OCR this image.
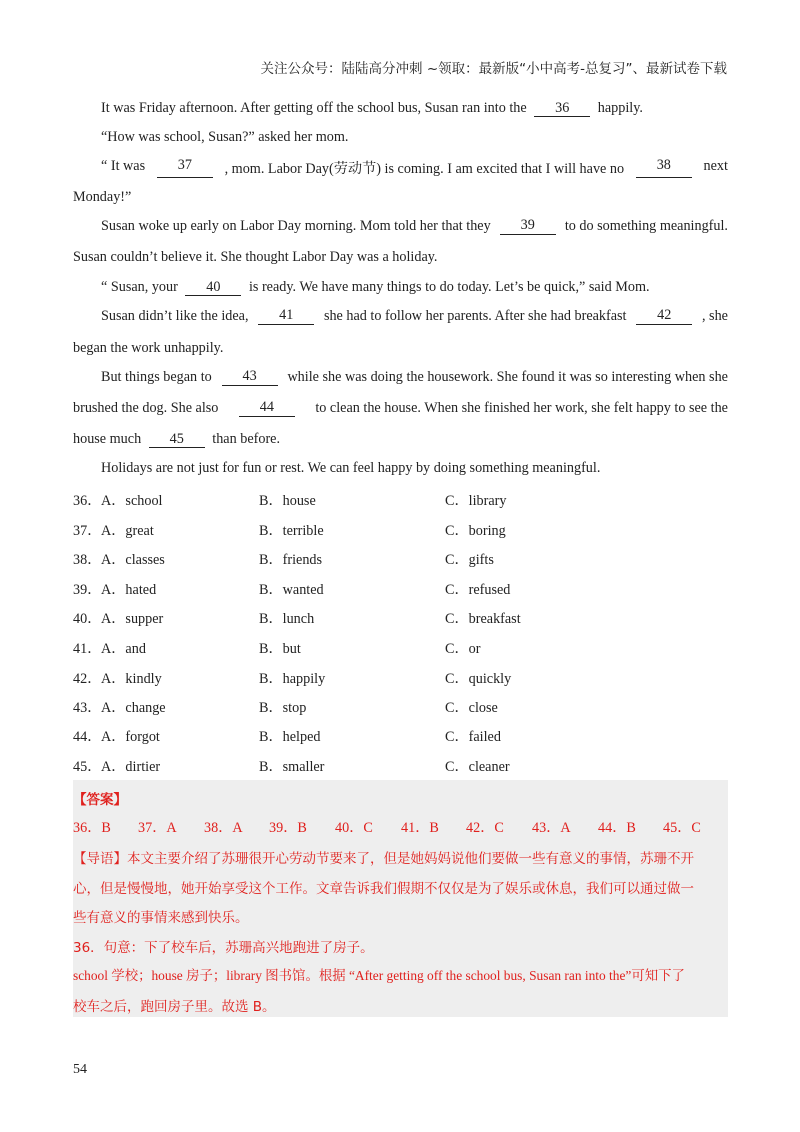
关注公众号：陆陆高分冲刺 ~领取：最新版“小中高考-总复习”、最新试卷下载
It was Friday afternoon. After getting off the school bus, Susan ran into the 36 happily.
“How was school, Susan?” asked her mom.
“ It was	37	, mom. Labor Day(劳动节) is coming. I am excited that I will have no	38	next
Monday!”
Susan woke up early on Labor Day morning. Mom told her that they	39	to do something meaningful.
Susan couldn’t believe it. She thought Labor Day was a holiday.
“ Susan, your 40 is ready. We have many things to do today. Let’s be quick,” said Mom.
Susan didn’t like the idea,	41	she had to follow her parents. After she had breakfast	42	, she
began the work unhappily.
But things began to	43	while she was doing the housework. She found it was so interesting when she
brushed the dog. She also	44	to clean the house. When she finished her work, she felt happy to see the
house much 45 than before.
Holidays are not just for fun or rest. We can feel happy by doing something meaningful.
36． A．school	B．house	C．library
37． A．great	B．terrible	C．boring
38． A．classes	B．friends	C．gifts
39． A．hated	B．wanted	C．refused
40． A．supper	B．lunch	C．breakfast
41． A．and	B．but	C．or
42． A．kindly	B．happily	C．quickly
43． A．change	B．stop	C．close
44． A．forgot	B．helped	C．failed
45． A．dirtier	B．smaller	C．cleaner
【答案】
36．B 37．A 38．A 39．B 40．C 41．B 42．C 43．A 44．B 45．C
【导语】本文主要介绍了苏珊很开心劳动节要来了，但是她妈妈说他们要做一些有意义的事情，苏珊不开
心，但是慢慢地，她开始享受这个工作。文章告诉我们假期不仅仅是为了娱乐或休息，我们可以通过做一
些有意义的事情来感到快乐。
36．句意：下了校车后，苏珊高兴地跑进了房子。
school 学校；house 房子；library 图书馆。根据 “After getting off the school bus, Susan ran into the”可知下了
校车之后，跑回房子里。故选 B。
54
